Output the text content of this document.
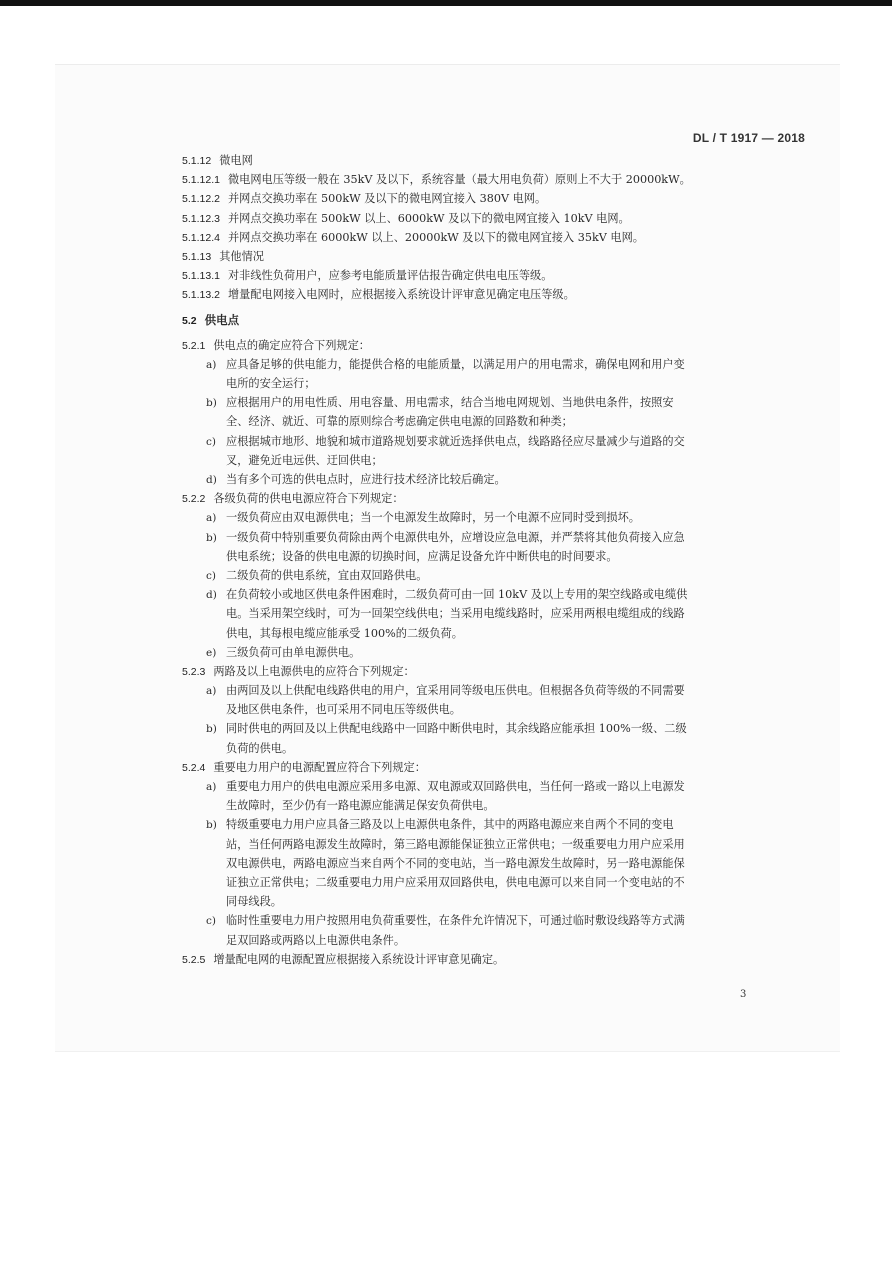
DL / T 1917 — 2018
5.1.12 微电网
5.1.12.1 微电网电压等级一般在 35kV 及以下，系统容量（最大用电负荷）原则上不大于 20000kW。
5.1.12.2 并网点交换功率在 500kW 及以下的微电网宜接入 380V 电网。
5.1.12.3 并网点交换功率在 500kW 以上、6000kW 及以下的微电网宜接入 10kV 电网。
5.1.12.4 并网点交换功率在 6000kW 以上、20000kW 及以下的微电网宜接入 35kV 电网。
5.1.13 其他情况
5.1.13.1 对非线性负荷用户，应参考电能质量评估报告确定供电电压等级。
5.1.13.2 增量配电网接入电网时，应根据接入系统设计评审意见确定电压等级。
5.2 供电点
5.2.1 供电点的确定应符合下列规定：
a) 应具备足够的供电能力，能提供合格的电能质量，以满足用户的用电需求，确保电网和用户变
电所的安全运行；
b) 应根据用户的用电性质、用电容量、用电需求，结合当地电网规划、当地供电条件，按照安
全、经济、就近、可靠的原则综合考虑确定供电电源的回路数和种类；
c) 应根据城市地形、地貌和城市道路规划要求就近选择供电点，线路路径应尽量减少与道路的交
叉，避免近电远供、迂回供电；
d) 当有多个可选的供电点时，应进行技术经济比较后确定。
5.2.2 各级负荷的供电电源应符合下列规定：
a) 一级负荷应由双电源供电；当一个电源发生故障时，另一个电源不应同时受到损坏。
b) 一级负荷中特别重要负荷除由两个电源供电外，应增设应急电源，并严禁将其他负荷接入应急
供电系统；设备的供电电源的切换时间，应满足设备允许中断供电的时间要求。
c) 二级负荷的供电系统，宜由双回路供电。
d) 在负荷较小或地区供电条件困难时，二级负荷可由一回 10kV 及以上专用的架空线路或电缆供
电。当采用架空线时，可为一回架空线供电；当采用电缆线路时，应采用两根电缆组成的线路
供电，其每根电缆应能承受 100%的二级负荷。
e) 三级负荷可由单电源供电。
5.2.3 两路及以上电源供电的应符合下列规定：
a) 由两回及以上供配电线路供电的用户，宜采用同等级电压供电。但根据各负荷等级的不同需要
及地区供电条件，也可采用不同电压等级供电。
b) 同时供电的两回及以上供配电线路中一回路中断供电时，其余线路应能承担 100%一级、二级
负荷的供电。
5.2.4 重要电力用户的电源配置应符合下列规定：
a) 重要电力用户的供电电源应采用多电源、双电源或双回路供电，当任何一路或一路以上电源发
生故障时，至少仍有一路电源应能满足保安负荷供电。
b) 特级重要电力用户应具备三路及以上电源供电条件，其中的两路电源应来自两个不同的变电
站，当任何两路电源发生故障时，第三路电源能保证独立正常供电；一级重要电力用户应采用
双电源供电，两路电源应当来自两个不同的变电站，当一路电源发生故障时，另一路电源能保
证独立正常供电；二级重要电力用户应采用双回路供电，供电电源可以来自同一个变电站的不
同母线段。
c) 临时性重要电力用户按照用电负荷重要性，在条件允许情况下，可通过临时敷设线路等方式满
足双回路或两路以上电源供电条件。
5.2.5 增量配电网的电源配置应根据接入系统设计评审意见确定。
3
